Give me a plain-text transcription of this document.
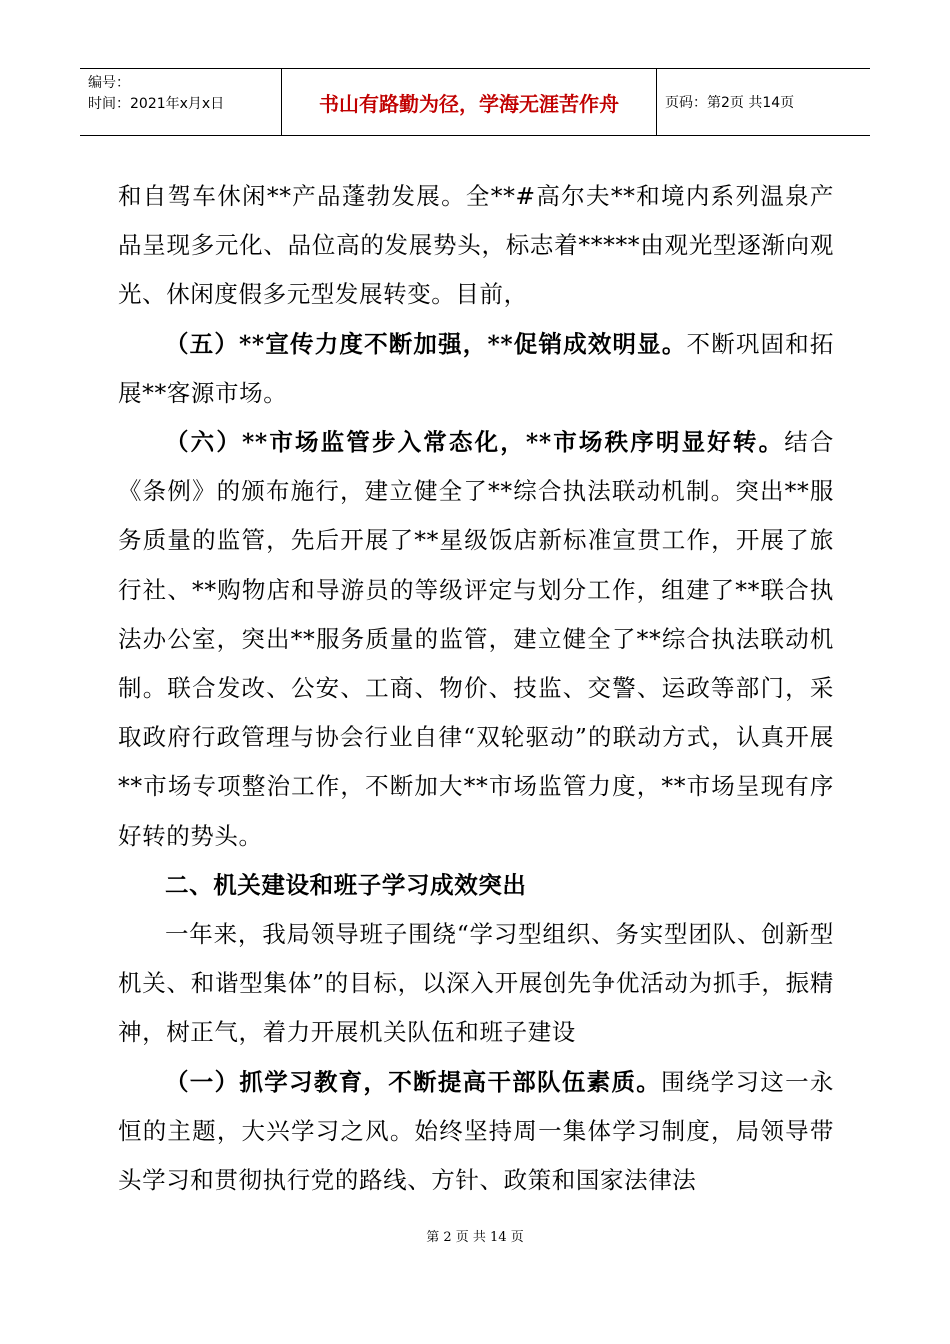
编号：
时间：2021年x月x日	书山有路勤为径，学海无涯苦作舟	页码：第2页 共14页

和自驾车休闲**产品蓬勃发展。全**#高尔夫**和境内系列温泉产品呈现多元化、品位高的发展势头，标志着*****由观光型逐渐向观光、休闲度假多元型发展转变。目前，

（五）**宣传力度不断加强，**促销成效明显。不断巩固和拓展**客源市场。

（六）**市场监管步入常态化，**市场秩序明显好转。结合《条例》的颁布施行，建立健全了**综合执法联动机制。突出**服务质量的监管，先后开展了**星级饭店新标准宣贯工作，开展了旅行社、**购物店和导游员的等级评定与划分工作，组建了**联合执法办公室，突出**服务质量的监管，建立健全了**综合执法联动机制。联合发改、公安、工商、物价、技监、交警、运政等部门，采取政府行政管理与协会行业自律“双轮驱动”的联动方式，认真开展**市场专项整治工作，不断加大**市场监管力度，**市场呈现有序好转的势头。

二、机关建设和班子学习成效突出

一年来，我局领导班子围绕“学习型组织、务实型团队、创新型机关、和谐型集体”的目标，以深入开展创先争优活动为抓手，振精神，树正气，着力开展机关队伍和班子建设

（一）抓学习教育，不断提高干部队伍素质。围绕学习这一永恒的主题，大兴学习之风。始终坚持周一集体学习制度，局领导带头学习和贯彻执行党的路线、方针、政策和国家法律法

第 2 页 共 14 页
